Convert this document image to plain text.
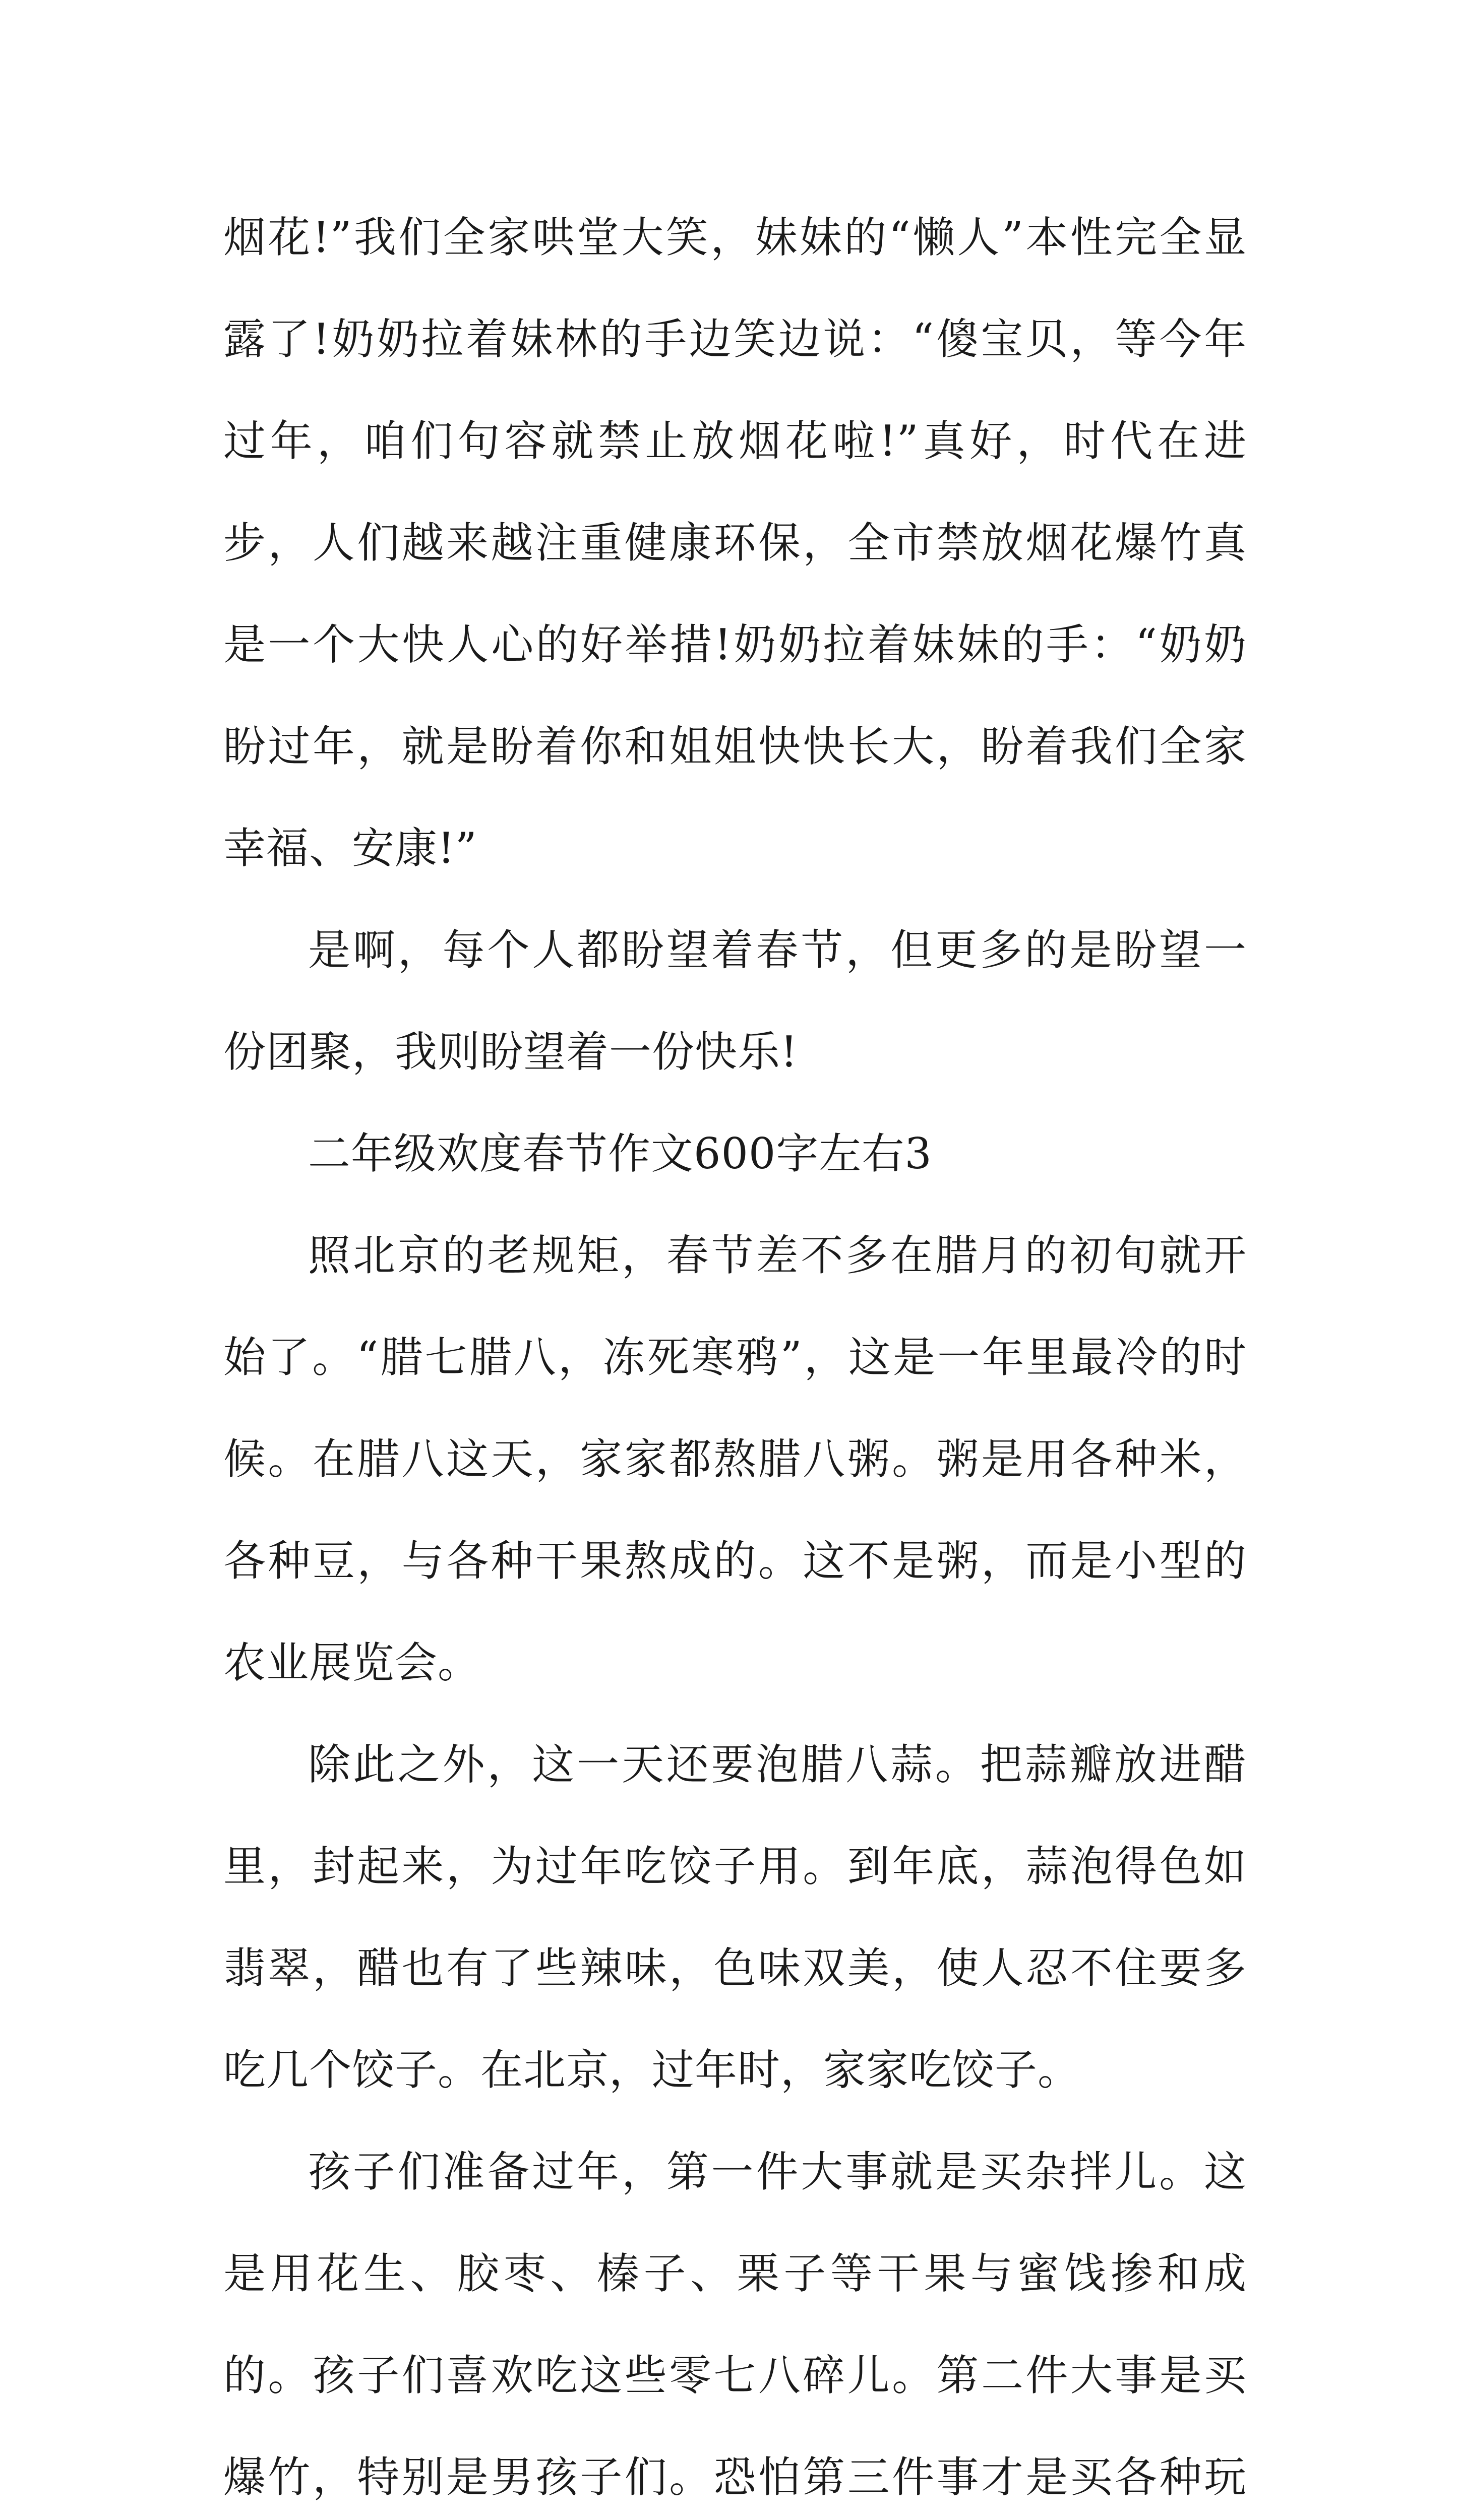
烟花!”我们全家哄堂大笑，妹妹的“懒人”本性完全显露了!奶奶拉着妹林的手边笑边说：“傻宝贝，等今年过年，咱们句容就禁止放烟花啦!”真好，时代在进步，人们越来越注重健康环保，全市禁放烟花爆竹真是一个大快人心的好举措!奶奶拉着妹妹的手：“奶奶盼过年，就是盼着你和姐姐快快长大，盼着我们全家幸福、安康!”

是啊，每个人都盼望着春节，但更多的是盼望一份团聚，我则盼望着一份快乐!

二年级欢度春节作文600字左右3

照北京的老规矩，春节差不多在腊月的初旬就开始了。“腊七腊八，冻死寒鸦”，这是一年里最冷的时候。在腊八这天，家家都熬腊八粥。粥是用各种米，各种豆，与各种干果熬成的。这不是粥，而是小型的农业展览会。

除此之外，这一天还要泡腊八蒜。把蒜瓣放进醋里，封起来，为过年吃饺子用。到年底，蒜泡得色如翡翠，醋也有了些辣味，色味双美，使人忍不住要多吃几个饺子。在北京，过年时，家家吃饺子。

孩子们准备过年，第一件大事就是买杂拌儿。这是用花生、胶枣、榛子、栗子等干果与蜜饯掺和成的。孩子们喜欢吃这些零七八碎儿。第二件大事是买爆竹，特别是男孩子们。恐怕第三件事才是买各种玩
